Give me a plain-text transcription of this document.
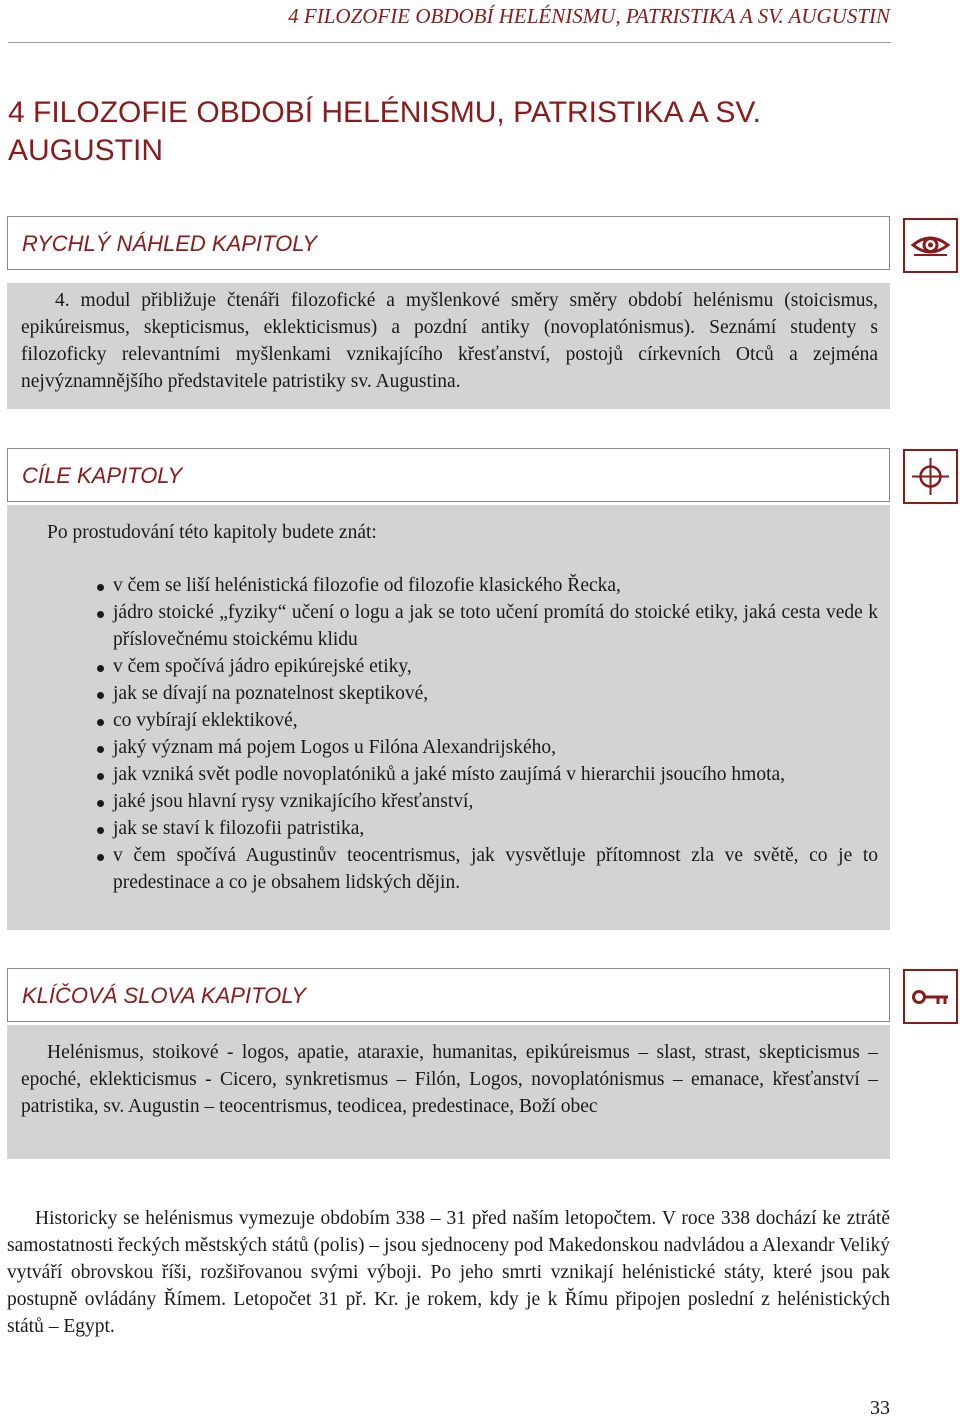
4 FILOZOFIE OBDOBÍ HELÉNISMU, PATRISTIKA A SV. AUGUSTIN
4 FILOZOFIE OBDOBÍ HELÉNISMU, PATRISTIKA A SV. AUGUSTIN
RYCHLÝ NÁHLED KAPITOLY
4. modul přibližuje čtenáři filozofické a myšlenkové směry směry období helénismu (stoicismus, epikúreismus, skepticismus, eklekticismus) a pozdní antiky (novoplatónismus). Seznámí studenty s filozoficky relevantními myšlenkami vznikajícího křesťanství, postojů církevních Otců a zejména nejvýznamnějšího představitele patristiky sv. Augustina.
CÍLE KAPITOLY
Po prostudování této kapitoly budete znát:
v čem se liší helénistická filozofie od filozofie klasického Řecka,
jádro stoické „fyziky“ učení o logu a jak se toto učení promítá do stoické etiky, jaká cesta vede k příslovečnému stoickému klidu
v čem spočívá jádro epikúrejské etiky,
jak se dívají na poznatelnost skeptikové,
co vybírají eklektikové,
jaký význam má pojem Logos u Filóna Alexandrijského,
jak vzniká svět podle novoplatóniků a jaké místo zaujímá v hierarchii jsoucího hmota,
jaké jsou hlavní rysy vznikajícího křesťanství,
jak se staví k filozofii patristika,
v čem spočívá Augustinův teocentrismus, jak vysvětluje přítomnost zla ve světě, co je to predestinace a co je obsahem lidských dějin.
KLÍČOVÁ SLOVA KAPITOLY
Helénismus, stoikové - logos, apatie, ataraxie, humanitas, epikúreismus – slast, strast, skepticismus – epoché, eklekticismus - Cicero, synkretismus – Filón, Logos, novoplatónismus – emanace, křesťanství – patristika, sv. Augustin – teocentrismus, teodicea, predestinace, Boží obec
Historicky se helénismus vymezuje obdobím 338 – 31 před naším letopočtem. V roce 338 dochází ke ztrátě samostatnosti řeckých městských států (polis) – jsou sjednoceny pod Makedonskou nadvládou a Alexandr Veliký vytváří obrovskou říši, rozšiřovanou svými výboji. Po jeho smrti vznikají helénistické státy, které jsou pak postupně ovládány Římem. Letopočet 31 př. Kr. je rokem, kdy je k Římu připojen poslední z helénistických států – Egypt.
33
